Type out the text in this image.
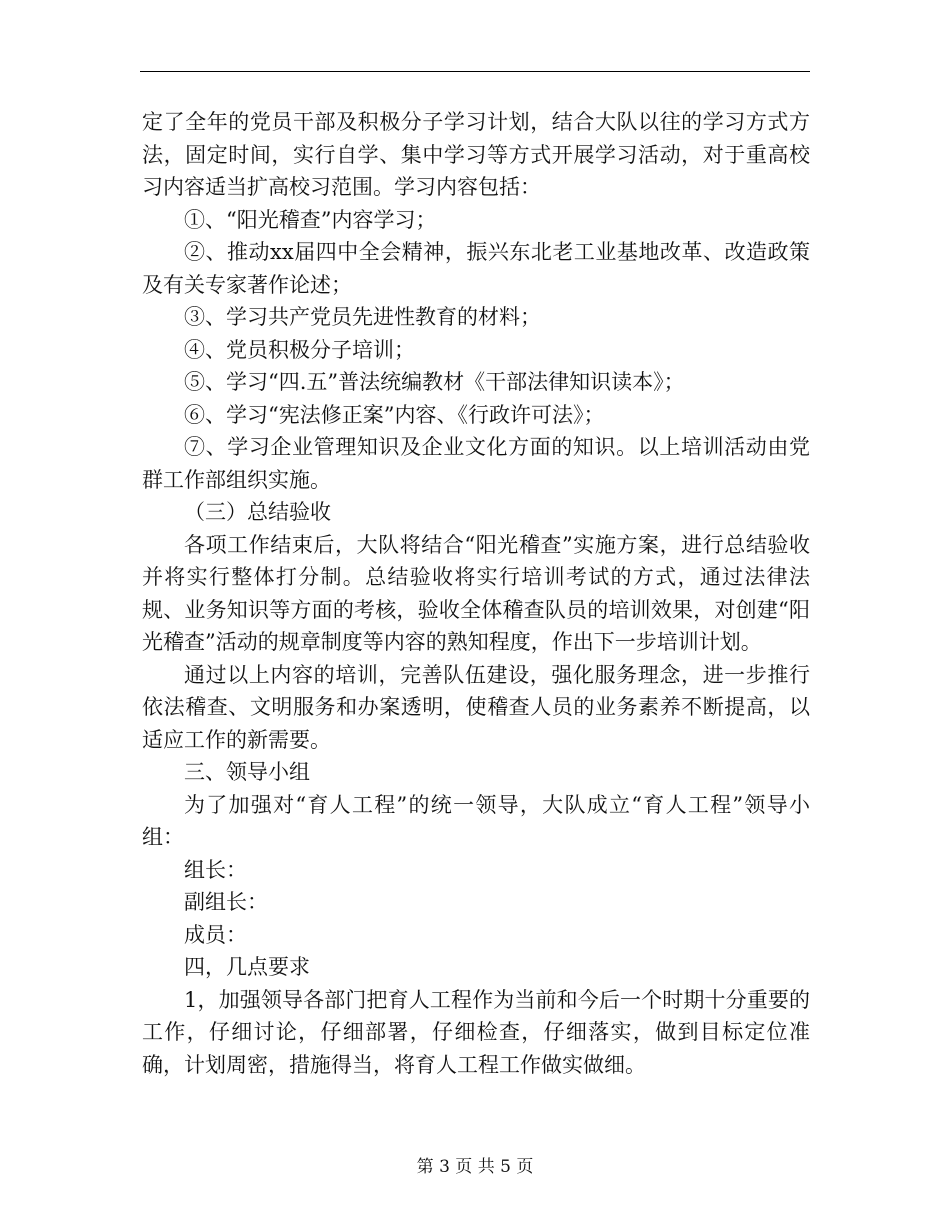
定了全年的党员干部及积极分子学习计划，结合大队以往的学习方式方法，固定时间，实行自学、集中学习等方式开展学习活动，对于重高校习内容适当扩高校习范围。学习内容包括：

①、“阳光稽查”内容学习；

②、推动xx届四中全会精神，振兴东北老工业基地改革、改造政策及有关专家著作论述；

③、学习共产党员先进性教育的材料；

④、党员积极分子培训；

⑤、学习“四.五”普法统编教材《干部法律知识读本》；

⑥、学习“宪法修正案”内容、《行政许可法》；

⑦、学习企业管理知识及企业文化方面的知识。以上培训活动由党群工作部组织实施。

（三）总结验收

各项工作结束后，大队将结合“阳光稽查”实施方案，进行总结验收并将实行整体打分制。总结验收将实行培训考试的方式，通过法律法规、业务知识等方面的考核，验收全体稽查队员的培训效果，对创建“阳光稽查”活动的规章制度等内容的熟知程度，作出下一步培训计划。

通过以上内容的培训，完善队伍建设，强化服务理念，进一步推行依法稽查、文明服务和办案透明，使稽查人员的业务素养不断提高，以适应工作的新需要。

三、领导小组

为了加强对“育人工程”的统一领导，大队成立“育人工程”领导小组：

组长：

副组长：

成员：

四，几点要求

1，加强领导各部门把育人工程作为当前和今后一个时期十分重要的工作，仔细讨论，仔细部署，仔细检查，仔细落实，做到目标定位准确，计划周密，措施得当，将育人工程工作做实做细。

第 3 页 共 5 页
